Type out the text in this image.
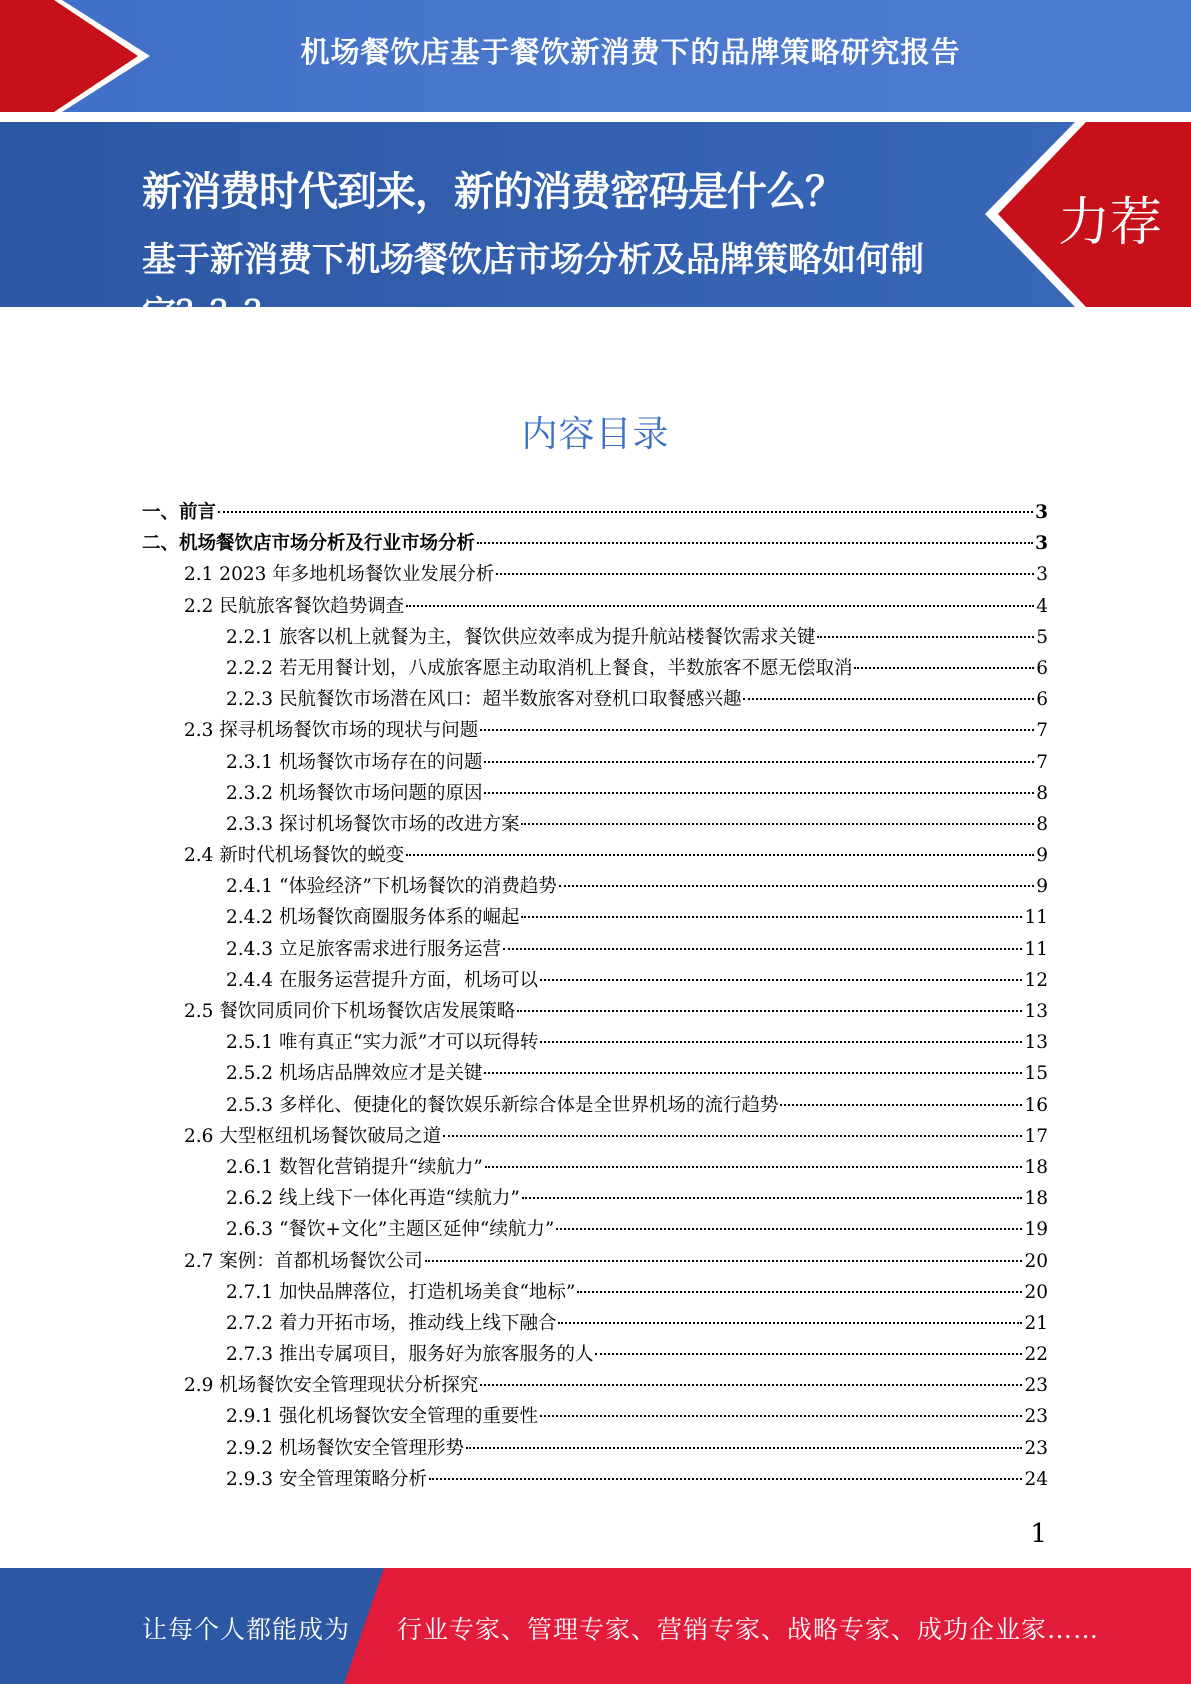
机场餐饮店基于餐饮新消费下的品牌策略研究报告
新消费时代到来，新的消费密码是什么？
基于新消费下机场餐饮店市场分析及品牌策略如何制定？？？
力荐
内容目录
一、前言	3
二、机场餐饮店市场分析及行业市场分析	3
2.1 2023 年多地机场餐饮业发展分析	3
2.2 民航旅客餐饮趋势调查	4
2.2.1 旅客以机上就餐为主，餐饮供应效率成为提升航站楼餐饮需求关键	5
2.2.2 若无用餐计划，八成旅客愿主动取消机上餐食，半数旅客不愿无偿取消	6
2.2.3 民航餐饮市场潜在风口：超半数旅客对登机口取餐感兴趣	6
2.3 探寻机场餐饮市场的现状与问题	7
2.3.1 机场餐饮市场存在的问题	7
2.3.2 机场餐饮市场问题的原因	8
2.3.3 探讨机场餐饮市场的改进方案	8
2.4 新时代机场餐饮的蜕变	9
2.4.1 “体验经济”下机场餐饮的消费趋势	9
2.4.2 机场餐饮商圈服务体系的崛起	11
2.4.3 立足旅客需求进行服务运营	11
2.4.4 在服务运营提升方面，机场可以	12
2.5 餐饮同质同价下机场餐饮店发展策略	13
2.5.1 唯有真正“实力派”才可以玩得转	13
2.5.2 机场店品牌效应才是关键	15
2.5.3 多样化、便捷化的餐饮娱乐新综合体是全世界机场的流行趋势	16
2.6 大型枢纽机场餐饮破局之道	17
2.6.1 数智化营销提升“续航力”	18
2.6.2 线上线下一体化再造“续航力”	18
2.6.3 “餐饮+文化”主题区延伸“续航力”	19
2.7 案例：首都机场餐饮公司	20
2.7.1 加快品牌落位，打造机场美食“地标”	20
2.7.2 着力开拓市场，推动线上线下融合	21
2.7.3 推出专属项目，服务好为旅客服务的人	22
2.9 机场餐饮安全管理现状分析探究	23
2.9.1 强化机场餐饮安全管理的重要性	23
2.9.2 机场餐饮安全管理形势	23
2.9.3 安全管理策略分析	24
1
让每个人都能成为 行业专家、管理专家、营销专家、战略专家、成功企业家……
